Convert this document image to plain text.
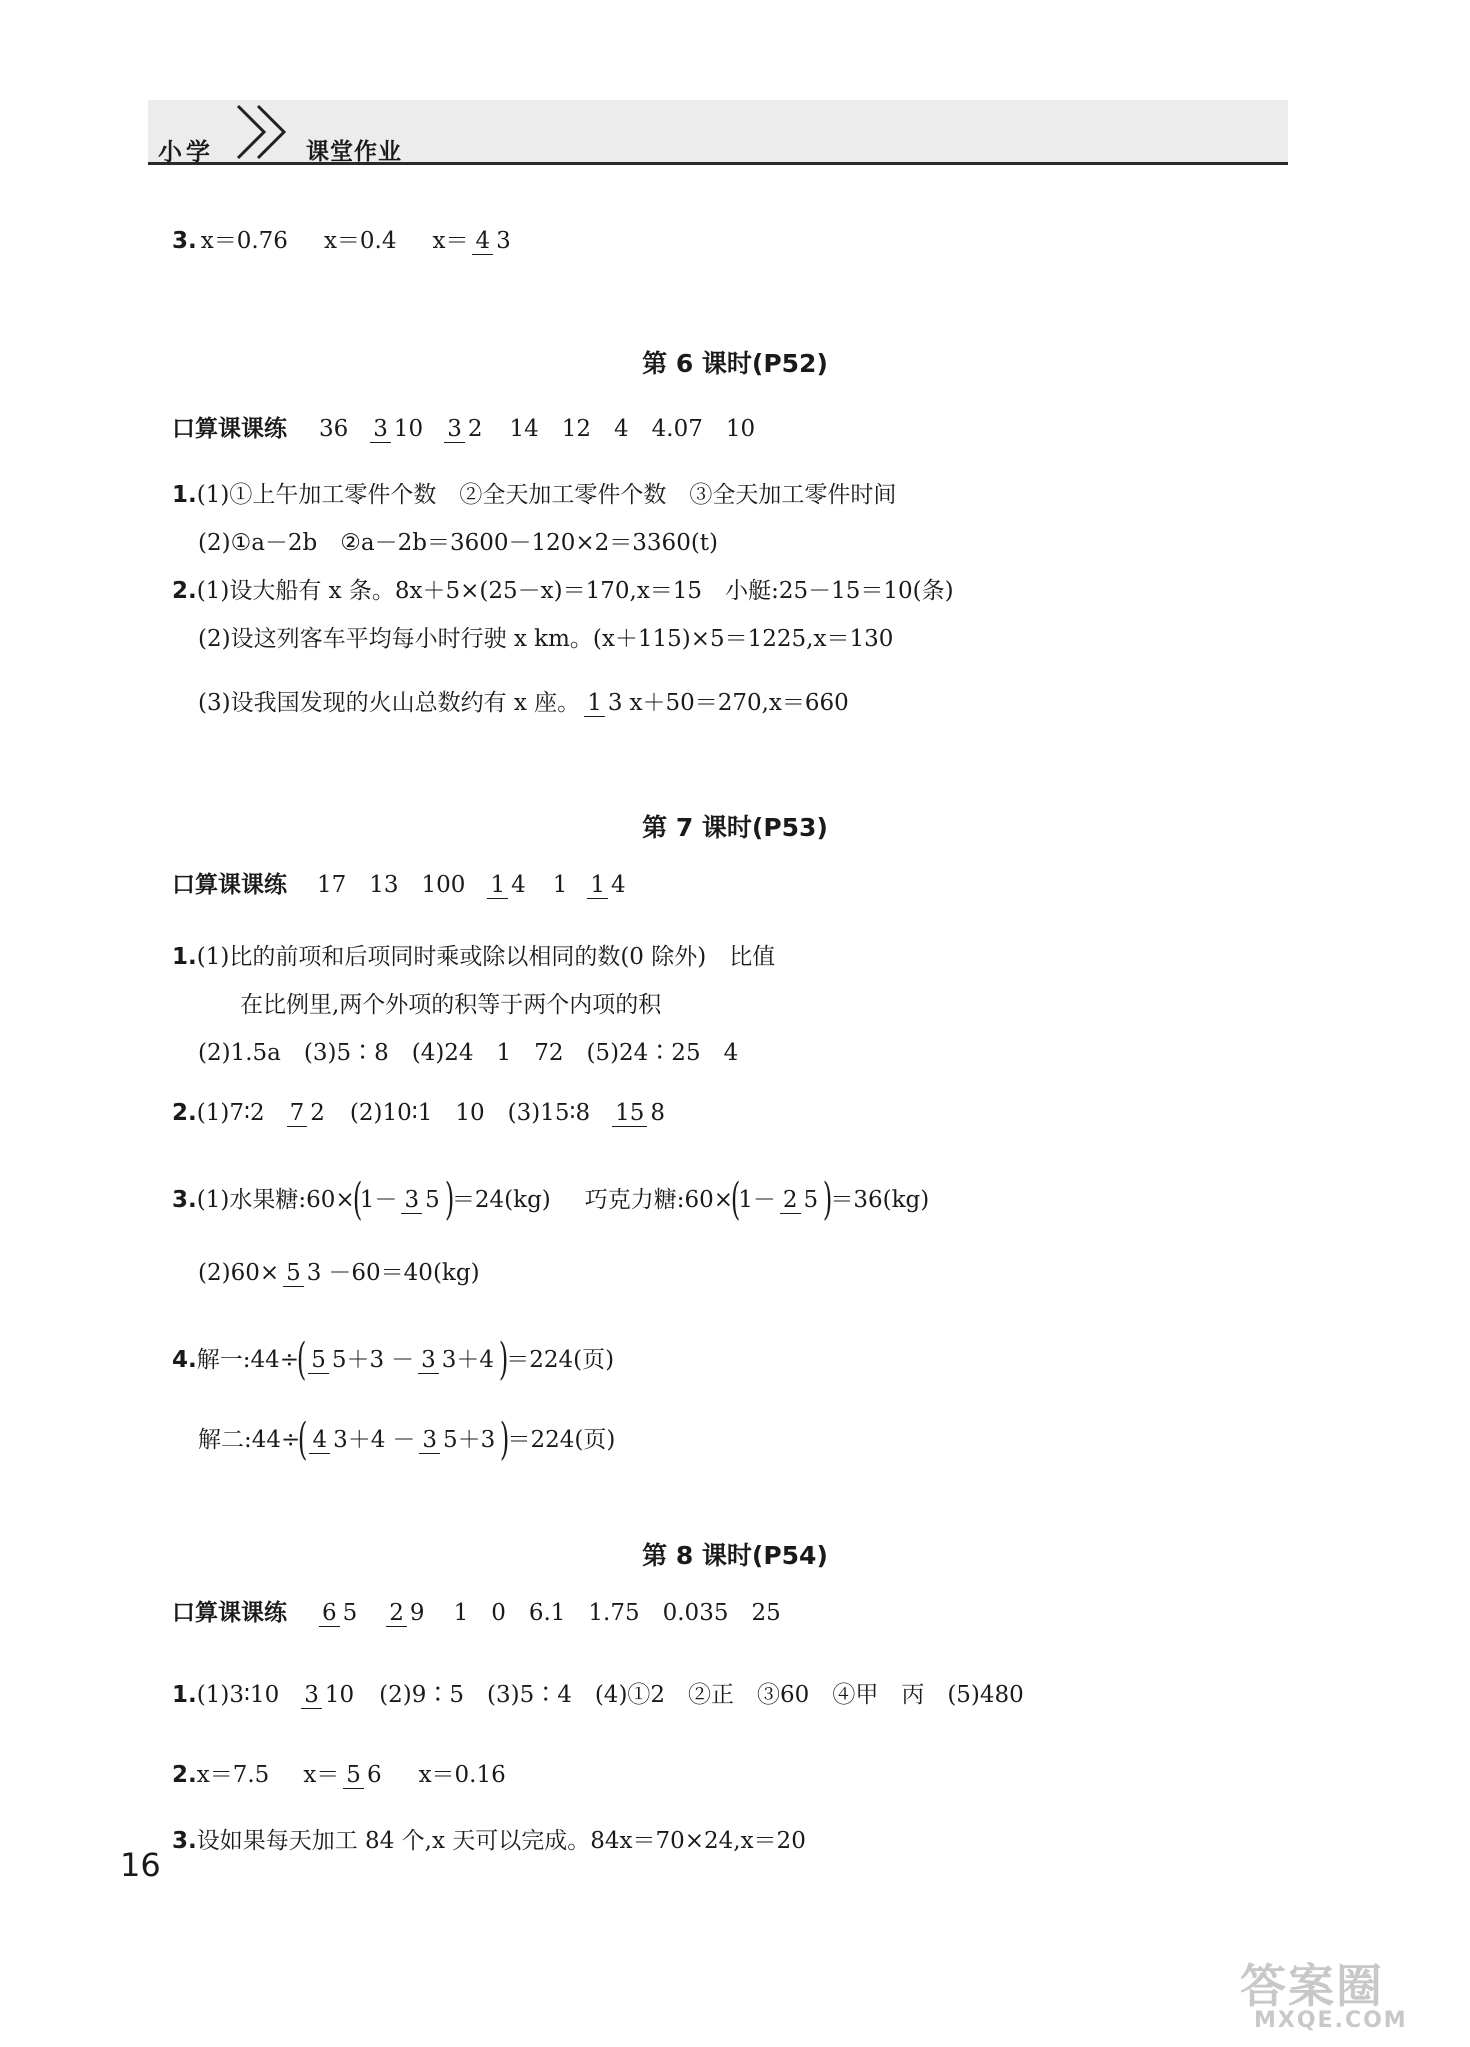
小学	课堂作业
3. x＝0.76 x＝0.4 x＝ 4 3
第 6 课时(P52)
口算课课练 36 3 10 3 2 14　12　4　4.07　10
1. (1)①上午加工零件个数　②全天加工零件个数　③全天加工零件时间
(2)①a－2b　②a－2b＝3600－120×2＝3360(t)
2. (1)设大船有 x 条。8x＋5×(25－x)＝170,x＝15　小艇:25－15＝10(条)
(2)设这列客车平均每小时行驶 x km。(x＋115)×5＝1225,x＝130
(3)设我国发现的火山总数约有 x 座。 1 3 x＋50＝270,x＝660
第 7 课时(P53)
口算课课练 17　13　100 1 4 1 1 4
1. (1)比的前项和后项同时乘或除以相同的数(0 除外)　比值
在比例里,两个外项的积等于两个内项的积
(2)1.5a　(3)5∶8　(4)24　1　72　(5)24∶25　4
2. (1)7∶2 7 2 (2)10∶1　10　(3)15∶8 15 8
3. (1)水果糖:60×
(
1－ 3 5 )
＝24(kg) 巧克力糖:60×
(
1－ 2 5 )
＝36(kg)
(2)60× 5 3 －60＝40(kg)
4. 解一:44÷
( 5 5＋3 － 3 3＋4 )
＝224(页)
解二:44÷
( 4 3＋4 － 3 5＋3 )
＝224(页)
第 8 课时(P54)
口算课课练 6 5 2 9 1　0　6.1　1.75　0.035　25
1. (1)3∶10 3 10 (2)9∶5　(3)5∶4　(4)①2　②正　③60　④甲　丙　(5)480
2. x＝7.5 x＝ 5 6 x＝0.16
3. 设如果每天加工 84 个,x 天可以完成。84x＝70×24,x＝20
16
答案圈
MXQE.COM
